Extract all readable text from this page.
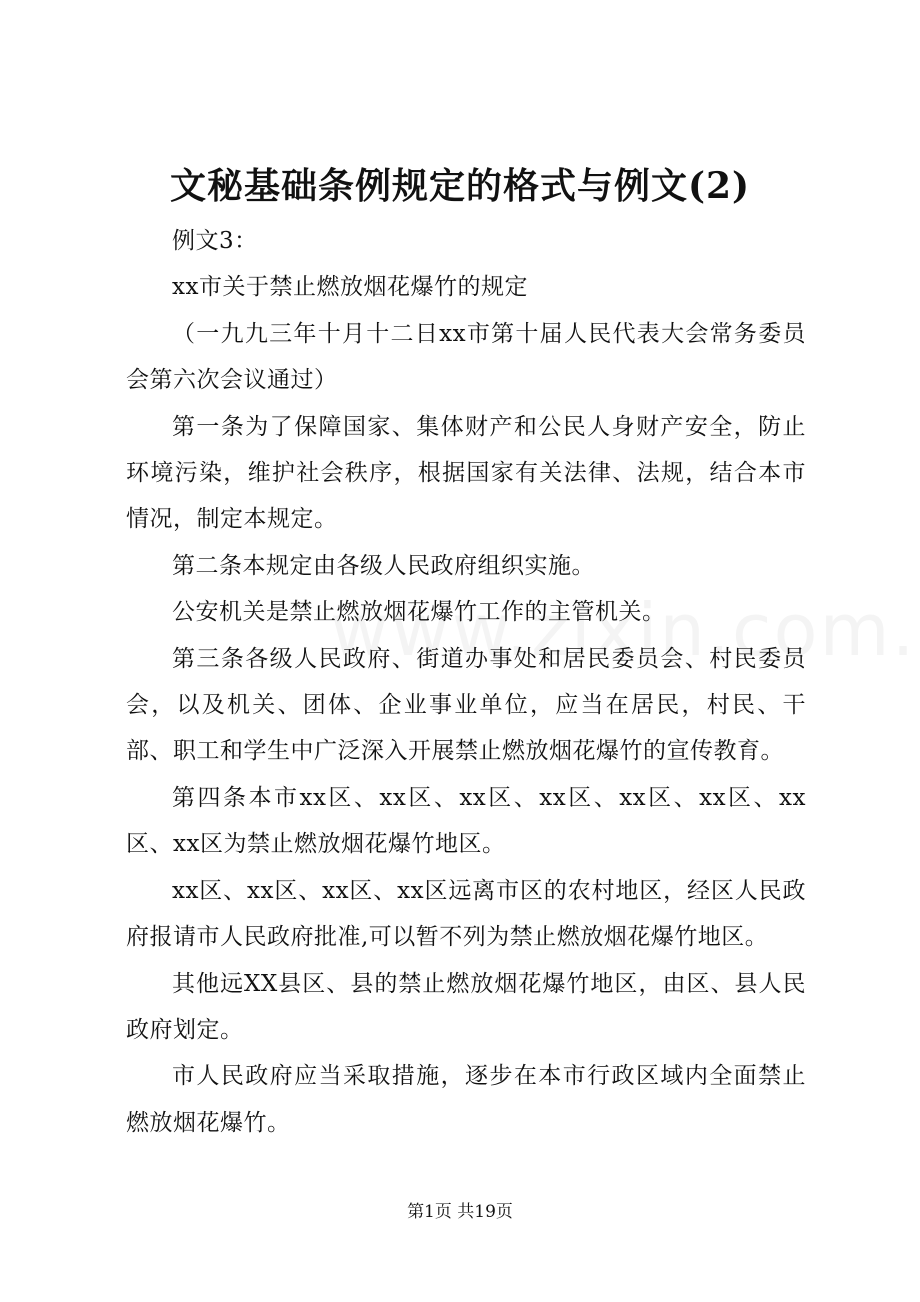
文秘基础条例规定的格式与例文(2)

例文3：

xx市关于禁止燃放烟花爆竹的规定

（一九九三年十月十二日xx市第十届人民代表大会常务委员会第六次会议通过）

第一条为了保障国家、集体财产和公民人身财产安全，防止环境污染，维护社会秩序，根据国家有关法律、法规，结合本市情况，制定本规定。

第二条本规定由各级人民政府组织实施。

公安机关是禁止燃放烟花爆竹工作的主管机关。

第三条各级人民政府、街道办事处和居民委员会、村民委员会，以及机关、团体、企业事业单位，应当在居民，村民、干部、职工和学生中广泛深入开展禁止燃放烟花爆竹的宣传教育。

第四条本市xx区、xx区、xx区、xx区、xx区、xx区、xx区、xx区为禁止燃放烟花爆竹地区。

xx区、xx区、xx区、xx区远离市区的农村地区，经区人民政府报请市人民政府批准,可以暂不列为禁止燃放烟花爆竹地区。

其他远XX县区、县的禁止燃放烟花爆竹地区，由区、县人民政府划定。

市人民政府应当采取措施，逐步在本市行政区域内全面禁止燃放烟花爆竹。

第1页 共19页
